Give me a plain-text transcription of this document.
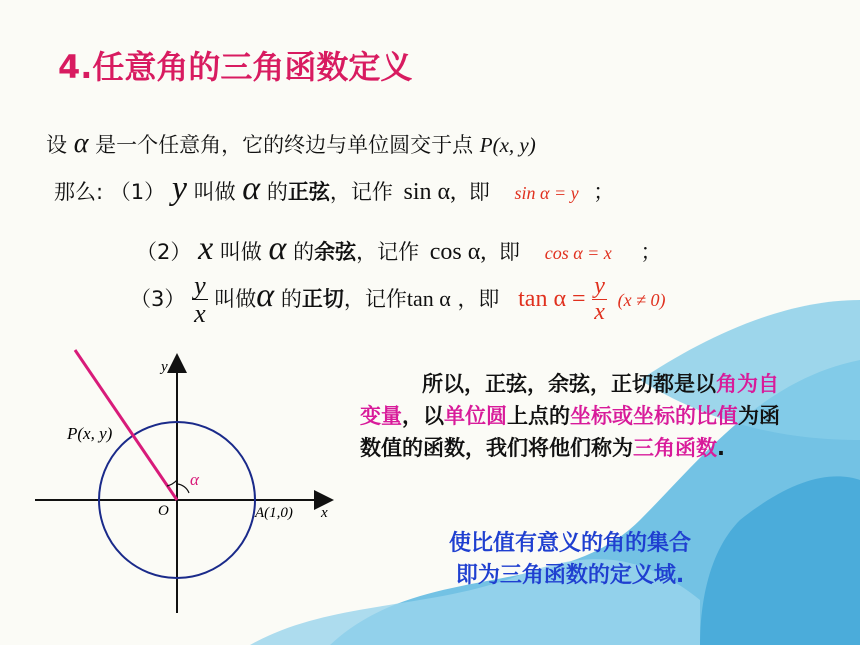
4.任意角的三角函数定义
设 α 是一个任意角，它的终边与单位圆交于点 P(x, y)
那么: （1） y 叫做 α 的正弦，记作 sin α, 即 sin α = y ；
（2） x 叫做 α 的余弦，记作 cos α, 即 cos α = x ；
$(3) \frac{y}{x}$ 叫做α 的正切，记作tan α ，即 $\tan \alpha = \frac{y}{x} (x \ne 0)$
y
x
O
P(x, y)
A(1,0)
α
所以，正弦，余弦，正切都是以角为自变量，以单位圆上点的坐标或坐标的比值为函数值的函数，我们将他们称为三角函数.
使比值有意义的角的集合
即为三角函数的定义域.
